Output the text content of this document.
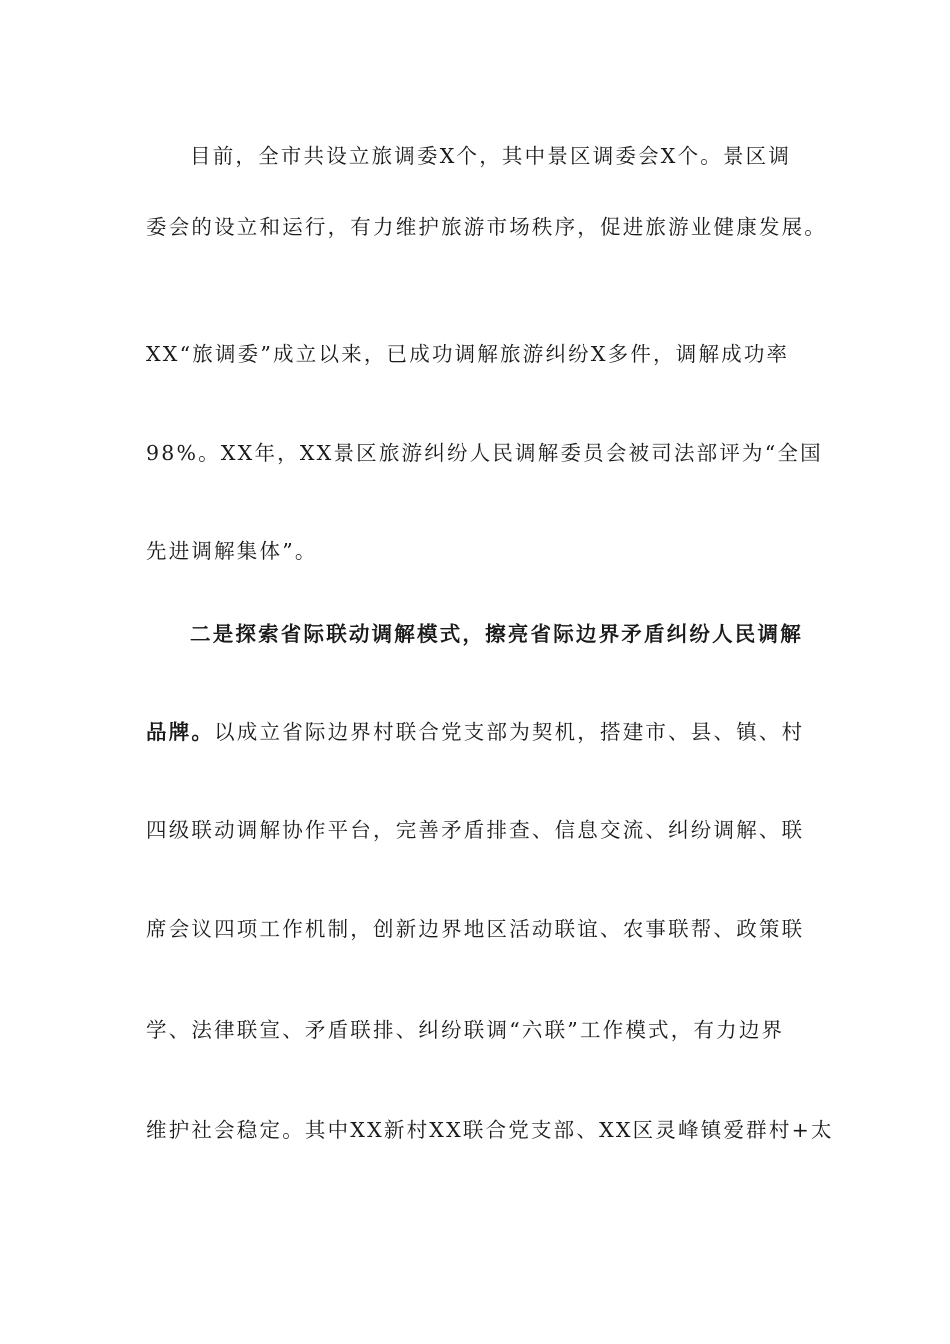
目前，全市共设立旅调委X个，其中景区调委会X个。景区调
委会的设立和运行，有力维护旅游市场秩序，促进旅游业健康发展。
XX“旅调委”成立以来，已成功调解旅游纠纷X多件，调解成功率
98%。XX年，XX景区旅游纠纷人民调解委员会被司法部评为“全国
先进调解集体”。
二是探索省际联动调解模式，擦亮省际边界矛盾纠纷人民调解
品牌。以成立省际边界村联合党支部为契机，搭建市、县、镇、村
四级联动调解协作平台，完善矛盾排查、信息交流、纠纷调解、联
席会议四项工作机制，创新边界地区活动联谊、农事联帮、政策联
学、法律联宣、矛盾联排、纠纷联调“六联”工作模式，有力边界
维护社会稳定。其中XX新村XX联合党支部、XX区灵峰镇爱群村+太
